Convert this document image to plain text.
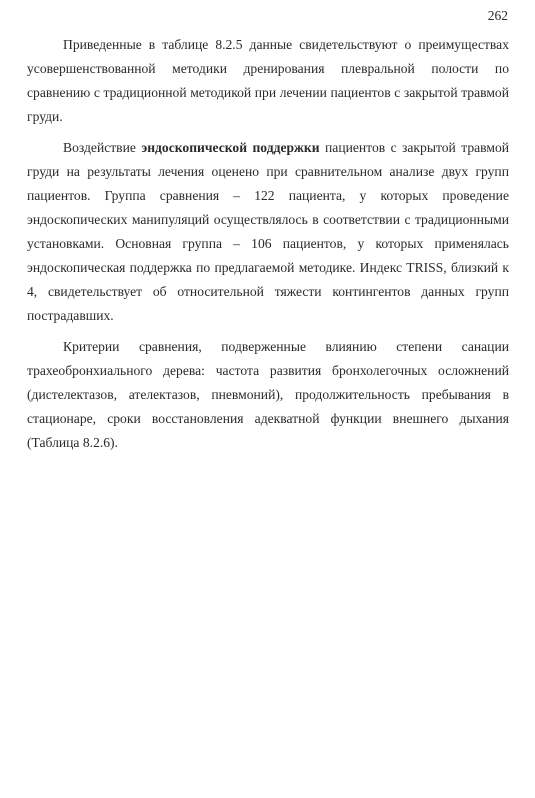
262

Приведенные в таблице 8.2.5 данные свидетельствуют о преимуществах усовершенствованной методики дренирования плевральной полости по сравнению с традиционной методикой при лечении пациентов с закрытой травмой груди.

Воздействие эндоскопической поддержки пациентов с закрытой травмой груди на результаты лечения оценено при сравнительном анализе двух групп пациентов. Группа сравнения – 122 пациента, у которых проведение эндоскопических манипуляций осуществлялось в соответствии с традиционными установками. Основная группа – 106 пациентов, у которых применялась эндоскопическая поддержка по предлагаемой методике. Индекс TRISS, близкий к 4, свидетельствует об относительной тяжести контингентов данных групп пострадавших.

Критерии сравнения, подверженные влиянию степени санации трахеобронхиального дерева: частота развития бронхолегочных осложнений (дистелектазов, ателектазов, пневмоний), продолжительность пребывания в стационаре, сроки восстановления адекватной функции внешнего дыхания (Таблица 8.2.6).
